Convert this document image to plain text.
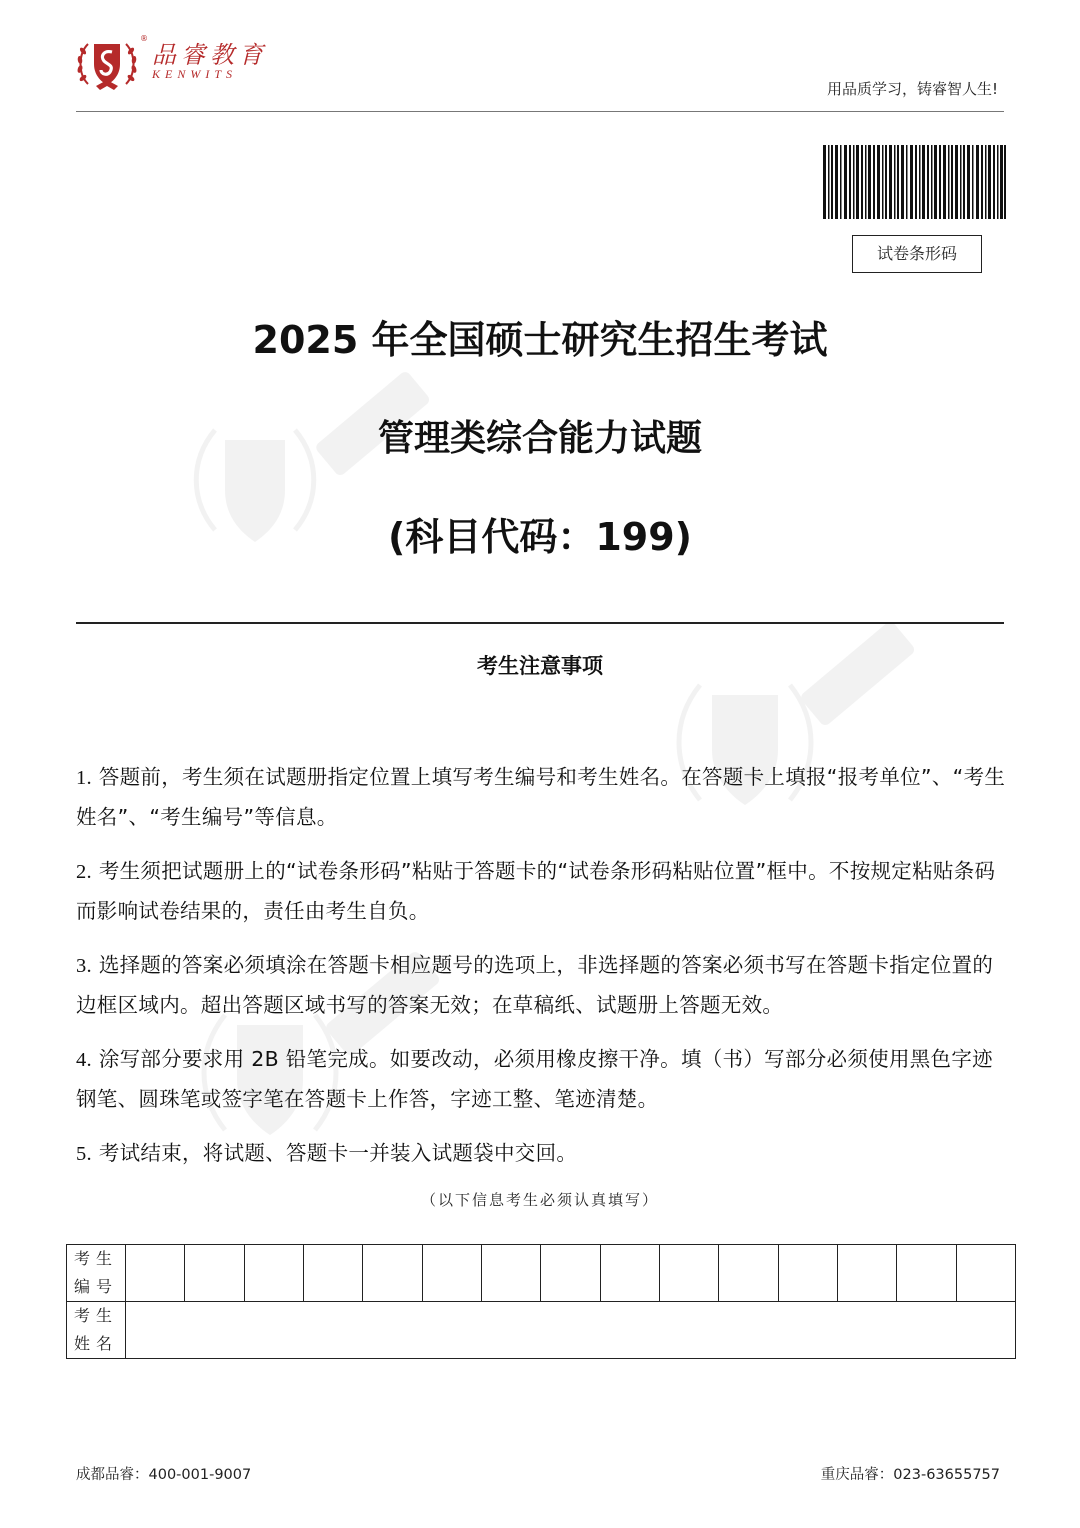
®
品睿教育
KENWITS
用品质学习，铸睿智人生!
试卷条形码
2025 年全国硕士研究生招生考试
管理类综合能力试题
(科目代码：199)
考生注意事项

1. 答题前，考生须在试题册指定位置上填写考生编号和考生姓名。在答题卡上填报“报考单位”、“考生姓名”、“考生编号”等信息。

2. 考生须把试题册上的“试卷条形码”粘贴于答题卡的“试卷条形码粘贴位置”框中。不按规定粘贴条码而影响试卷结果的，责任由考生自负。

3. 选择题的答案必须填涂在答题卡相应题号的选项上，非选择题的答案必须书写在答题卡指定位置的边框区域内。超出答题区域书写的答案无效；在草稿纸、试题册上答题无效。

4. 涂写部分要求用 2B 铅笔完成。如要改动，必须用橡皮擦干净。填（书）写部分必须使用黑色字迹钢笔、圆珠笔或签字笔在答题卡上作答，字迹工整、笔迹清楚。

5. 考试结束，将试题、答题卡一并装入试题袋中交回。

（以下信息考生必须认真填写）
考生
编号															
考生
姓名															
成都品睿：400-001-9007	重庆品睿：023-63655757
